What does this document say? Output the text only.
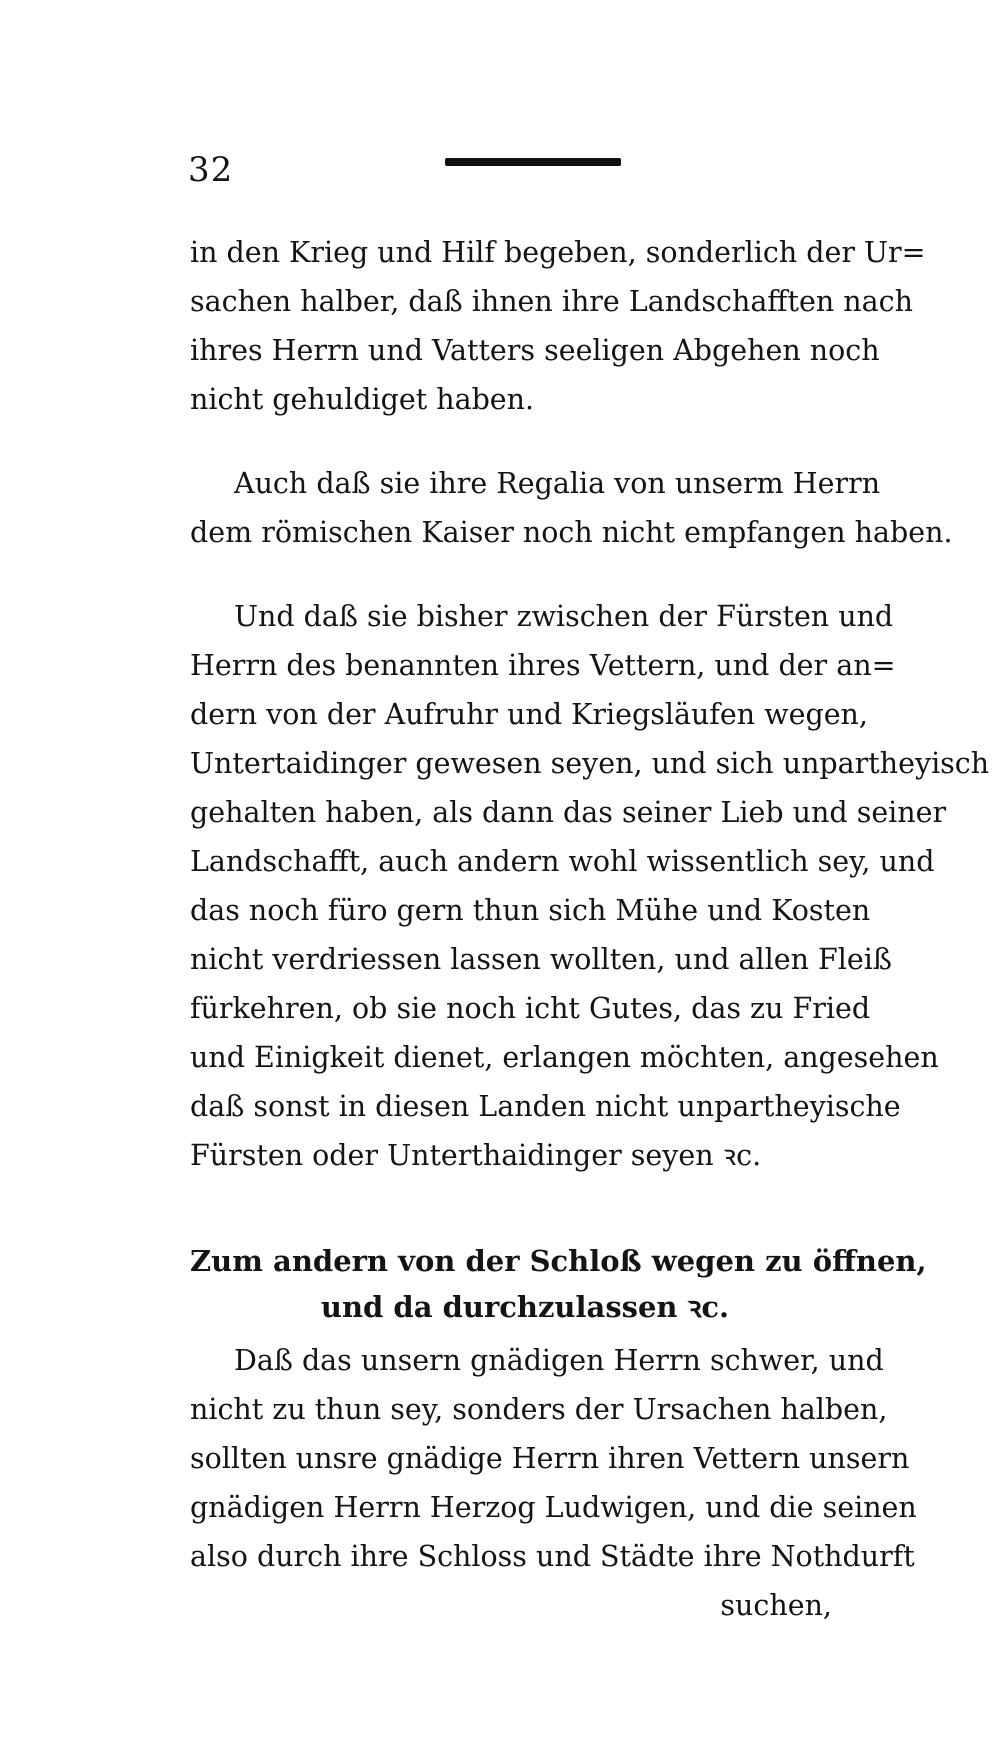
32

in den Krieg und Hilf begeben, sonderlich der Ur=
sachen halber, daß ihnen ihre Landschafften nach
ihres Herrn und Vatters seeligen Abgehen noch
nicht gehuldiget haben.

Auch daß sie ihre Regalia von unserm Herrn
dem römischen Kaiser noch nicht empfangen haben.

Und daß sie bisher zwischen der Fürsten und
Herrn des benannten ihres Vettern, und der an=
dern von der Aufruhr und Kriegsläufen wegen,
Untertaidinger gewesen seyen, und sich unpartheyisch
gehalten haben, als dann das seiner Lieb und seiner
Landschafft, auch andern wohl wissentlich sey, und
das noch füro gern thun sich Mühe und Kosten
nicht verdriessen lassen wollten, und allen Fleiß
fürkehren, ob sie noch icht Gutes, das zu Fried
und Einigkeit dienet, erlangen möchten, angesehen
daß sonst in diesen Landen nicht unpartheyische
Fürsten oder Unterthaidinger seyen ꝛc.

Zum andern von der Schloß wegen zu öffnen,
und da durchzulassen ꝛc.

Daß das unsern gnädigen Herrn schwer, und
nicht zu thun sey, sonders der Ursachen halben,
sollten unsre gnädige Herrn ihren Vettern unsern
gnädigen Herrn Herzog Ludwigen, und die seinen
also durch ihre Schloss und Städte ihre Nothdurft
suchen,
